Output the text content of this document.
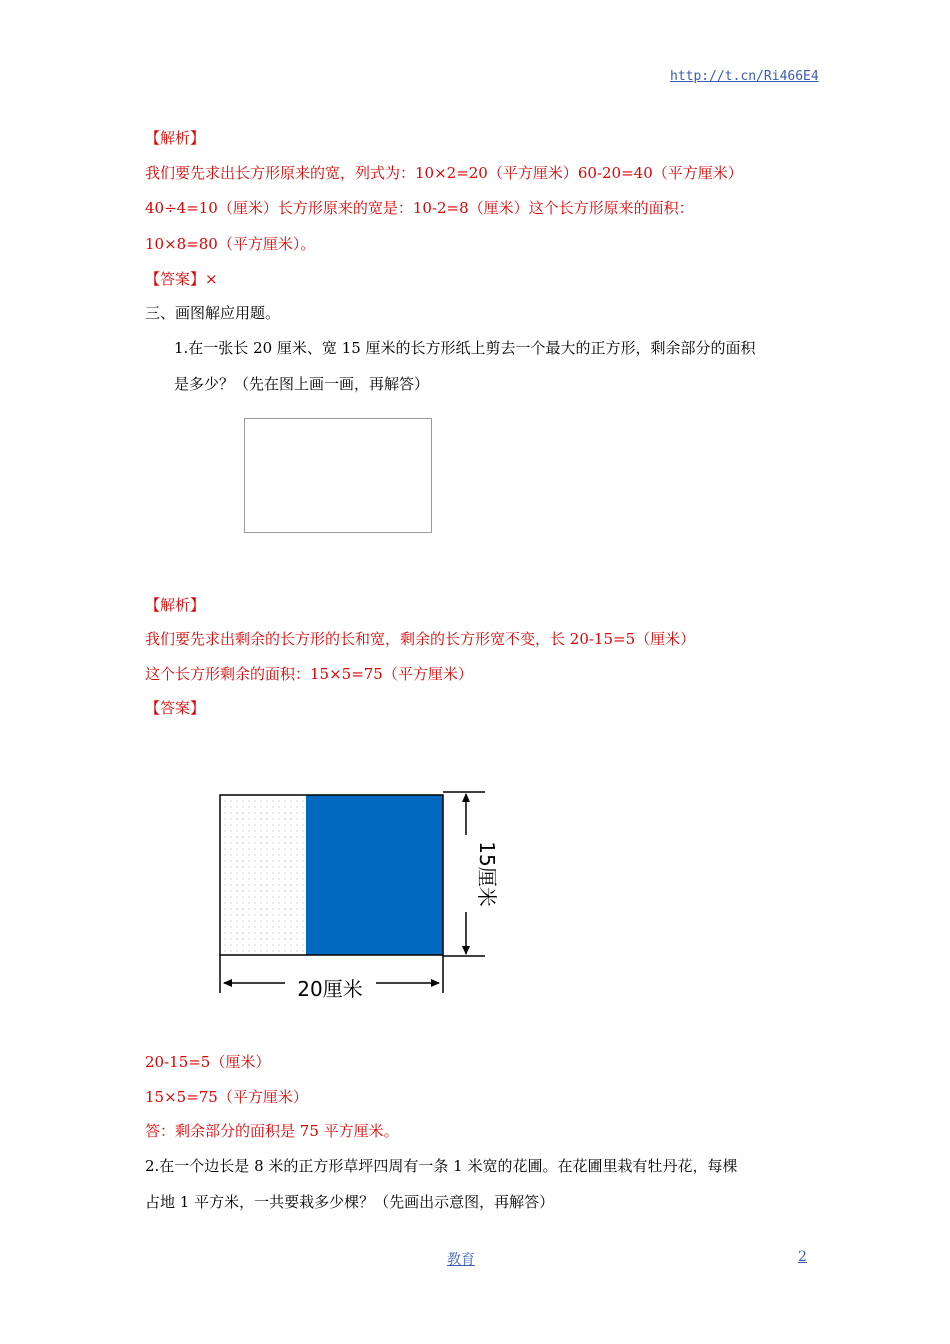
http://t.cn/Ri466E4
【解析】
我们要先求出长方形原来的宽，列式为：10×2=20（平方厘米）60-20=40（平方厘米）
40÷4=10（厘米）长方形原来的宽是：10-2=8（厘米）这个长方形原来的面积：
10×8=80（平方厘米）。
【答案】×
三、画图解应用题。
1.在一张长 20 厘米、宽 15 厘米的长方形纸上剪去一个最大的正方形，剩余部分的面积
是多少？（先在图上画一画，再解答）
【解析】
我们要先求出剩余的长方形的长和宽，剩余的长方形宽不变，长 20-15=5（厘米）
这个长方形剩余的面积：15×5=75（平方厘米）
【答案】
20厘米
15厘米
20-15=5（厘米）
15×5=75（平方厘米）
答：剩余部分的面积是 75 平方厘米。
2.在一个边长是 8 米的正方形草坪四周有一条 1 米宽的花圃。在花圃里栽有牡丹花，每棵
占地 1 平方米，一共要栽多少棵？（先画出示意图，再解答）
教育	2
